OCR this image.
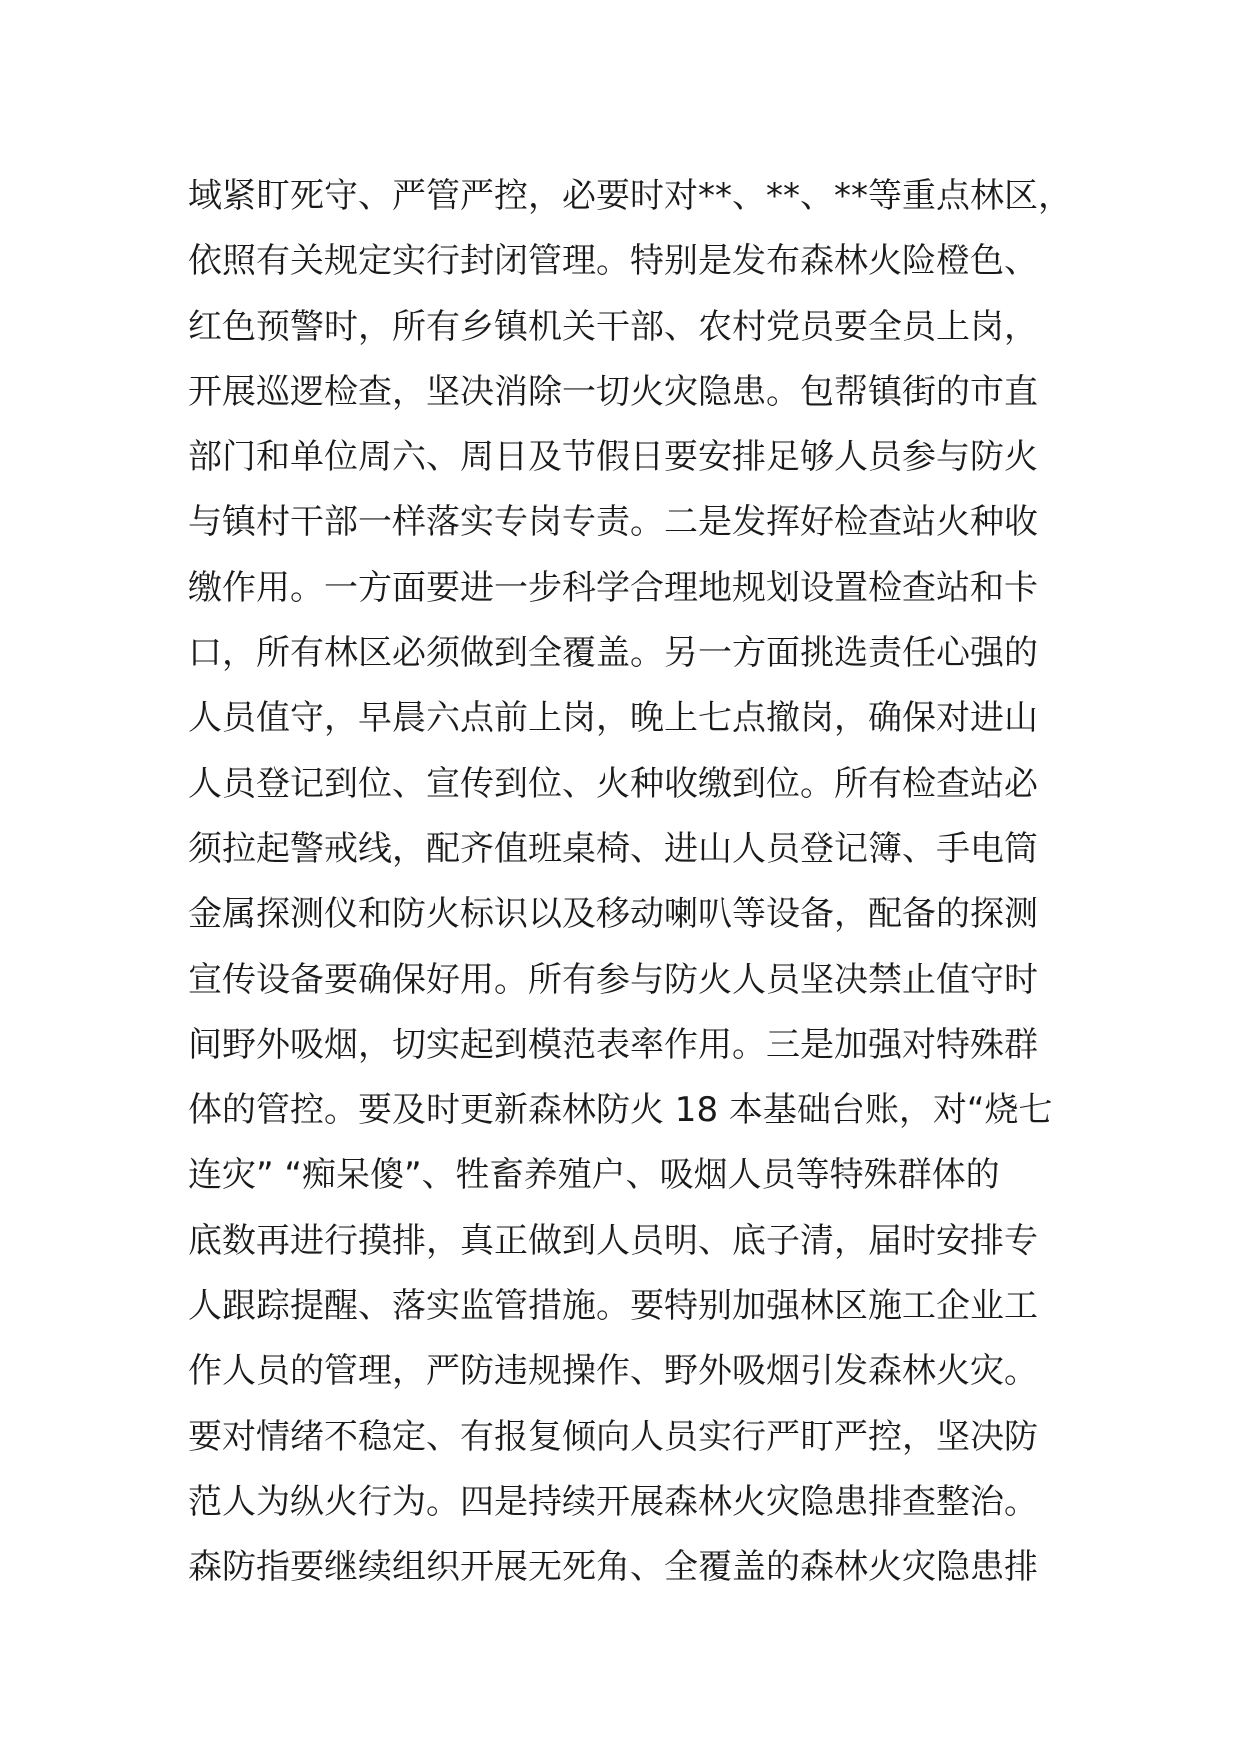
域紧盯死守、严管严控，必要时对**、**、**等重点林区，
依照有关规定实行封闭管理。特别是发布森林火险橙色、
红色预警时，所有乡镇机关干部、农村党员要全员上岗，
开展巡逻检查，坚决消除一切火灾隐患。包帮镇街的市直
部门和单位周六、周日及节假日要安排足够人员参与防火
与镇村干部一样落实专岗专责。二是发挥好检查站火种收
缴作用。一方面要进一步科学合理地规划设置检查站和卡
口，所有林区必须做到全覆盖。另一方面挑选责任心强的
人员值守，早晨六点前上岗，晚上七点撤岗，确保对进山
人员登记到位、宣传到位、火种收缴到位。所有检查站必
须拉起警戒线，配齐值班桌椅、进山人员登记簿、手电筒
金属探测仪和防火标识以及移动喇叭等设备，配备的探测
宣传设备要确保好用。所有参与防火人员坚决禁止值守时
间野外吸烟，切实起到模范表率作用。三是加强对特殊群
体的管控。要及时更新森林防火 18 本基础台账，对“烧七
连灾” “痴呆傻”、牲畜养殖户、吸烟人员等特殊群体的
底数再进行摸排，真正做到人员明、底子清，届时安排专
人跟踪提醒、落实监管措施。要特别加强林区施工企业工
作人员的管理，严防违规操作、野外吸烟引发森林火灾。
要对情绪不稳定、有报复倾向人员实行严盯严控，坚决防
范人为纵火行为。四是持续开展森林火灾隐患排查整治。
森防指要继续组织开展无死角、全覆盖的森林火灾隐患排
